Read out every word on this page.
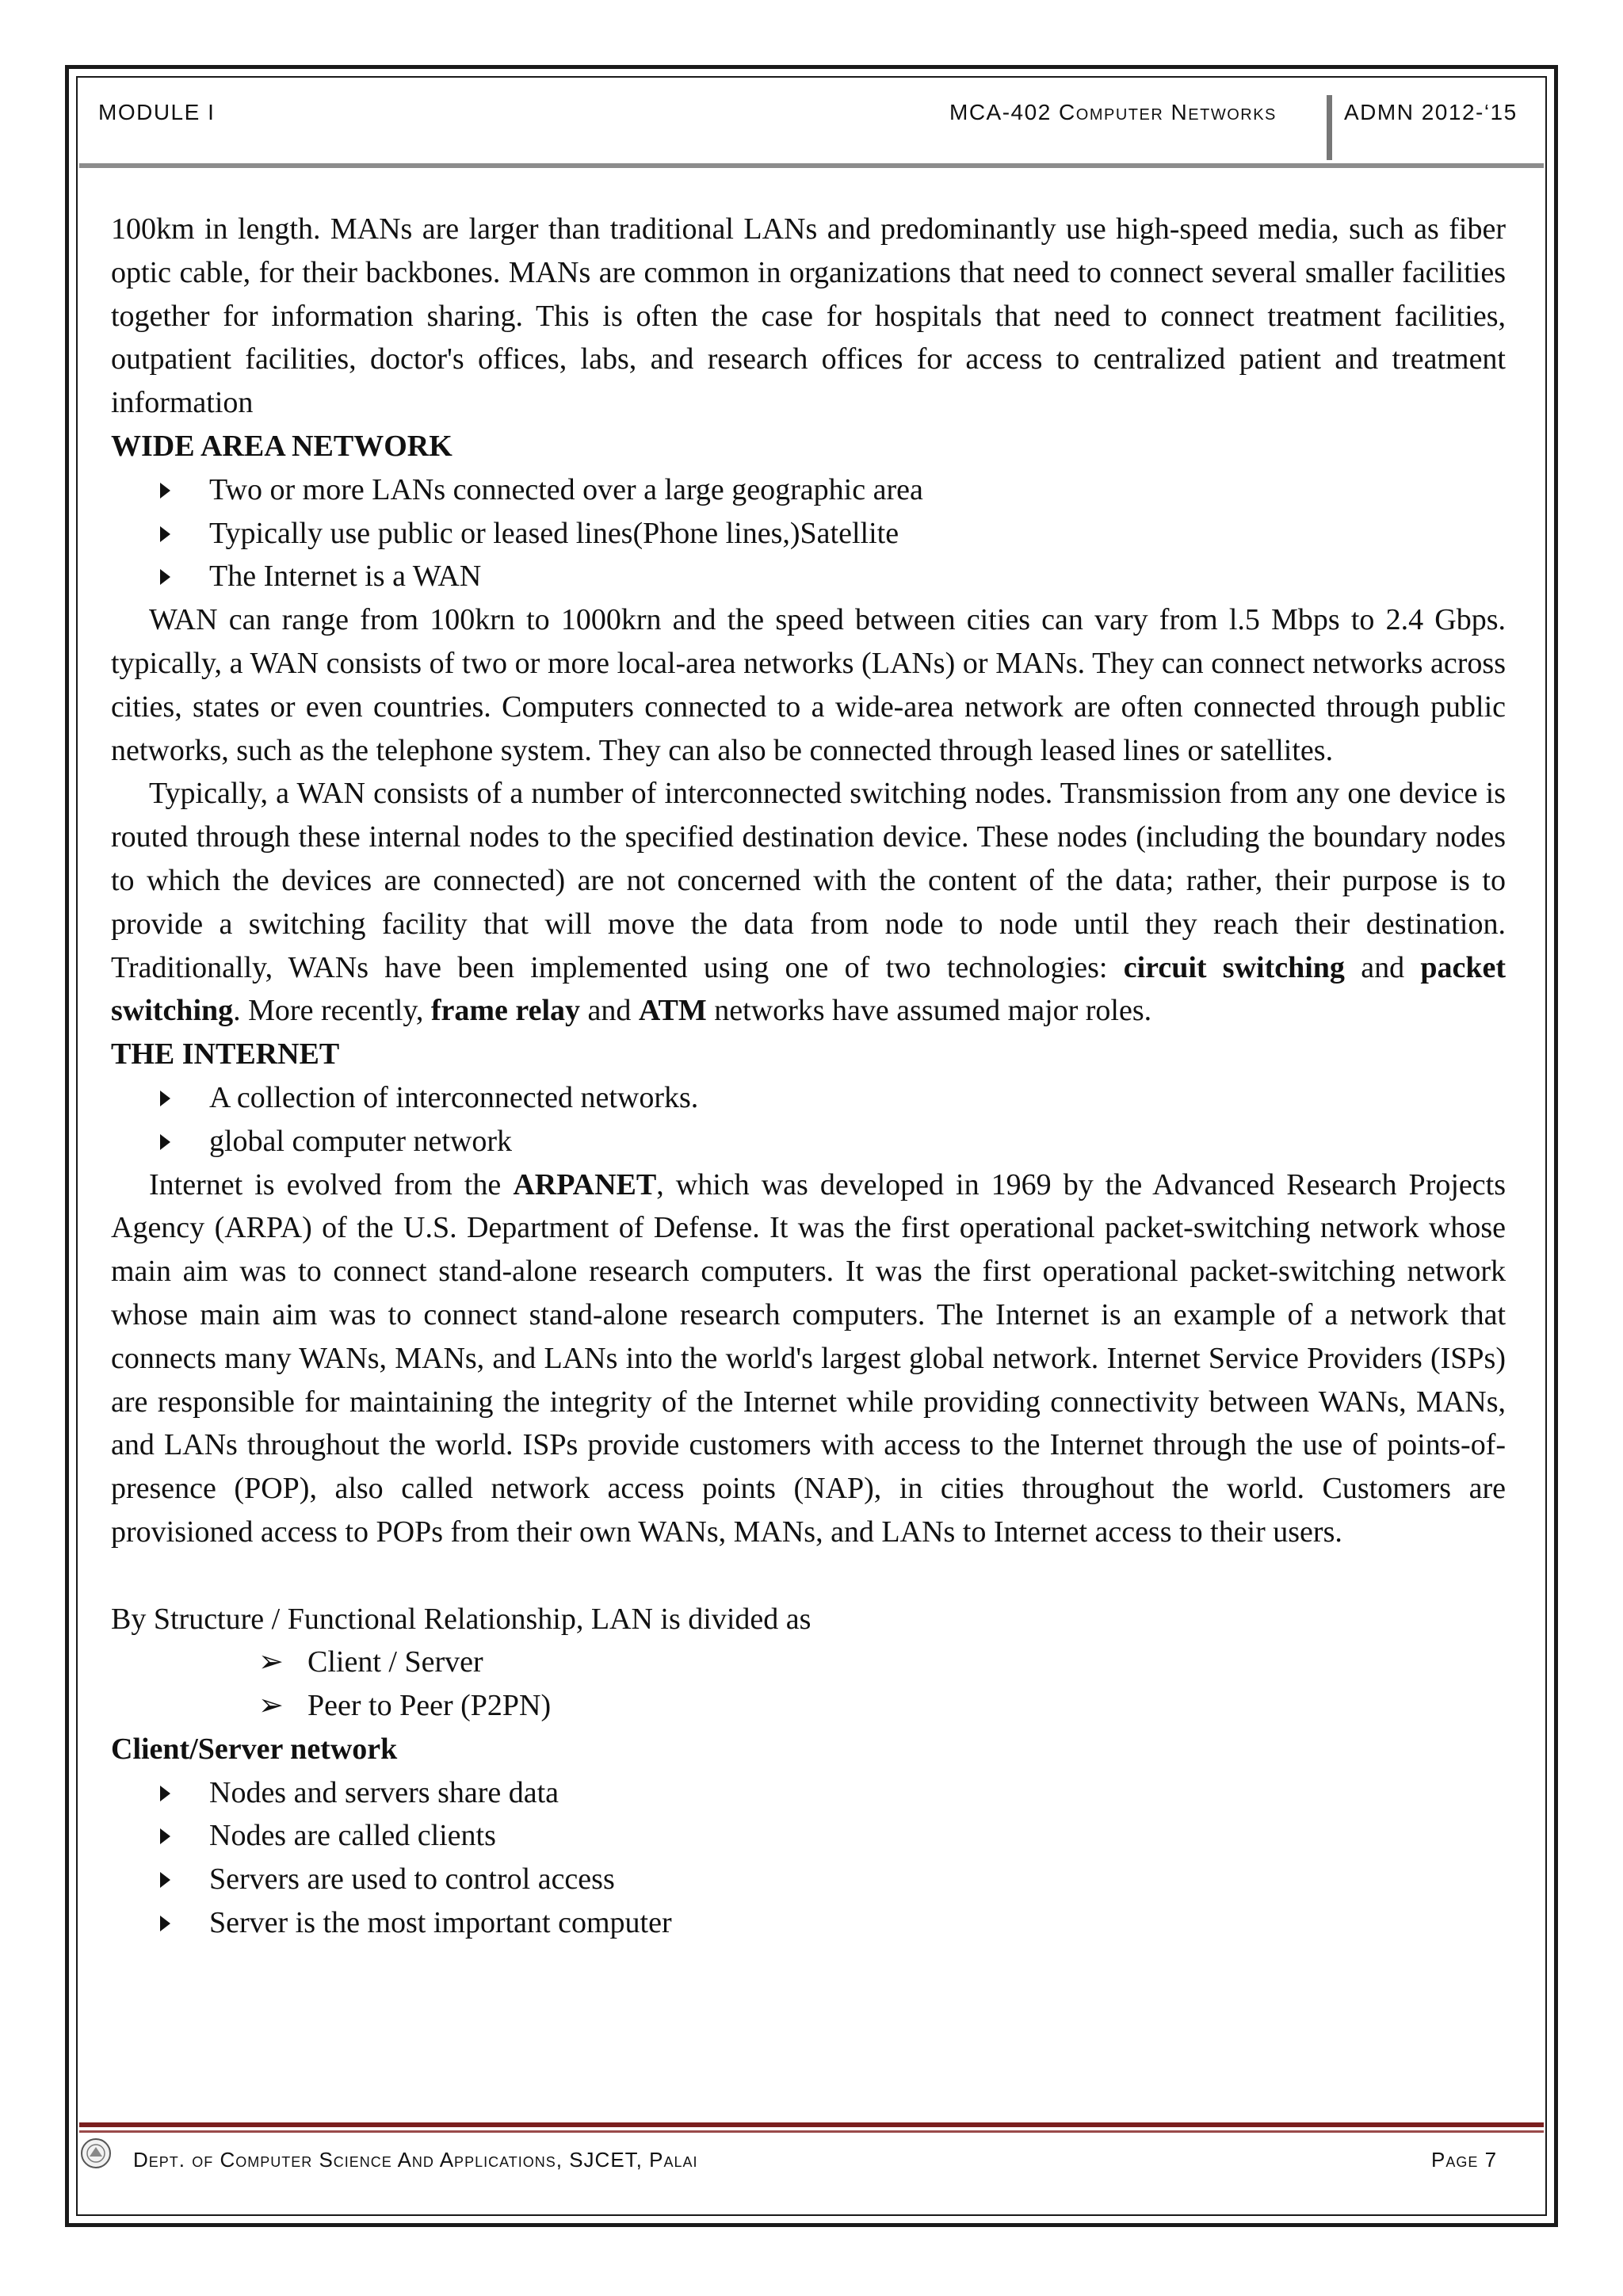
MODULE I	MCA-402 Computer Networks	ADMN 2012-‘15

100km in length. MANs are larger than traditional LANs and predominantly use high-speed media, such as fiber optic cable, for their backbones. MANs are common in organizations that need to connect several smaller facilities together for information sharing. This is often the case for hospitals that need to connect treatment facilities, outpatient facilities, doctor's offices, labs, and research offices for access to centralized patient and treatment information

WIDE AREA NETWORK
Two or more LANs connected over a large geographic area
Typically use public or leased lines(Phone lines,)Satellite
The Internet is a WAN

WAN can range from 100krn to 1000krn and the speed between cities can vary from l.5 Mbps to 2.4 Gbps. typically, a WAN consists of two or more local-area networks (LANs) or MANs. They can connect networks across cities, states or even countries. Computers connected to a wide-area network are often connected through public networks, such as the telephone system. They can also be connected through leased lines or satellites.

Typically, a WAN consists of a number of interconnected switching nodes. Transmission from any one device is routed through these internal nodes to the specified destination device. These nodes (including the boundary nodes to which the devices are connected) are not concerned with the content of the data; rather, their purpose is to provide a switching facility that will move the data from node to node until they reach their destination. Traditionally, WANs have been implemented using one of two technologies: circuit switching and packet switching. More recently, frame relay and ATM networks have assumed major roles.

THE INTERNET
A collection of interconnected networks.
global computer network

Internet is evolved from the ARPANET, which was developed in 1969 by the Advanced Research Projects Agency (ARPA) of the U.S. Department of Defense. It was the first operational packet-switching network whose main aim was to connect stand-alone research computers. It was the first operational packet-switching network whose main aim was to connect stand-alone research computers. The Internet is an example of a network that connects many WANs, MANs, and LANs into the world's largest global network. Internet Service Providers (ISPs) are responsible for maintaining the integrity of the Internet while providing connectivity between WANs, MANs, and LANs throughout the world. ISPs provide customers with access to the Internet through the use of points-of-presence (POP), also called network access points (NAP), in cities throughout the world. Customers are provisioned access to POPs from their own WANs, MANs, and LANs to Internet access to their users.

By Structure / Functional Relationship, LAN is divided as

➢ Client / Server
➢ Peer to Peer (P2PN)
Client/Server network
Nodes and servers share data
Nodes are called clients
Servers are used to control access
Server is the most important computer
Dept. of Computer Science And Applications, SJCET, Palai	Page 7
